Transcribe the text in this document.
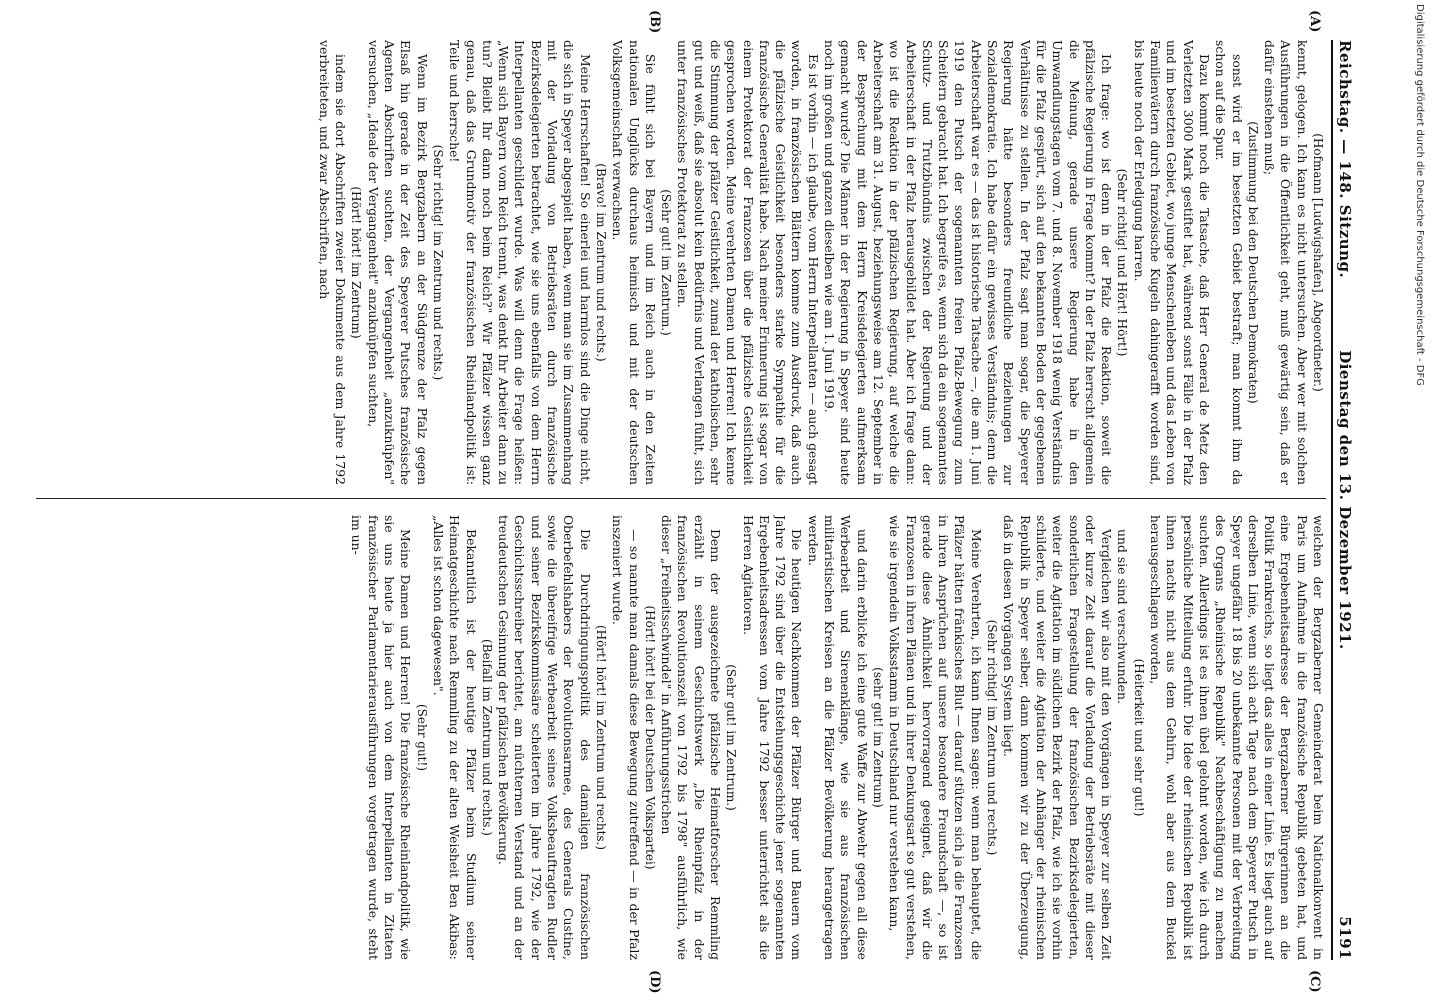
Reichstag. — 148. Sitzung.
Dienstag den 13. Dezember 1921.
5191

(Hofmann [Ludwigshafen], Abgeordneter.)

kennt, gelogen. Ich kann es nicht untersuchen. Aber wer mit solchen Ausführungen in die Öffentlichkeit geht, muß gewärtig sein, daß er dafür einstehen muß;

(Zustimmung bei den Deutschen Demokraten)

sonst wird er im besetzten Gebiet bestraft; man kommt ihm da schon auf die Spur.

Dazu kommt noch die Tatsache, daß Herr General de Metz den Verletzten 3000 Mark gestiftet hat, während sonst Fälle in der Pfalz und im besetzten Gebiet, wo junge Menschenleben und das Leben von Familienvätern durch französische Kugeln dahingerafft worden sind, bis heute noch der Erledigung harren.

(Sehr richtig! und Hört! Hört!)

Ich frage: wo ist denn in der Pfalz die Reaktion, soweit die pfälzische Regierung in Frage kommt? In der Pfalz herrscht allgemein die Meinung, gerade unsere Regierung habe in den Umwandlungstagen vom 7. und 8. November 1918 wenig Verständnis für die Pfalz gespürt, sich auf den bekannten Boden der gegebenen Verhältnisse zu stellen. In der Pfalz sagt man sogar, die Speyerer Regierung hätte besonders freundliche Beziehungen zur Sozialdemokratie. Ich habe dafür ein gewisses Verständnis; denn die Arbeiterschaft war es — das ist historische Tatsache —, die am 1. Juni 1919 den Putsch der sogenannten freien Pfalz-Bewegung zum Scheitern gebracht hat. Ich begreife es, wenn sich da ein sogenanntes Schutz- und Trutzbündnis zwischen der Regierung und der Arbeiterschaft in der Pfalz herausgebildet hat. Aber ich frage dann: wo ist die Reaktion in der pfälzischen Regierung, auf welche die Arbeiterschaft am 31. August, beziehungsweise am 12. September in der Besprechung mit dem Herrn Kreisdelegierten aufmerksam gemacht wurde? Die Männer in der Regierung in Speyer sind heute noch im großen und ganzen dieselben wie am 1. Juni 1919.

Es ist vorhin — ich glaube, vom Herrn Interpellanten — auch gesagt worden, in französischen Blättern komme zum Ausdruck, daß auch die pfälzische Geistlichkeit besonders starke Sympathie für die französische Generalität habe. Nach meiner Erinnerung ist sogar von einem Protektorat der Franzosen über die pfälzische Geistlichkeit gesprochen worden. Meine verehrten Damen und Herren! Ich kenne die Stimmung der pfälzer Geistlichkeit, zumal der katholischen, sehr gut und weiß, daß sie absolut kein Bedürfnis und Verlangen fühlt, sich unter französisches Protektorat zu stellen.

(Sehr gut! im Zentrum.)

Sie fühlt sich bei Bayern und im Reich auch in den Zeiten nationalen Unglücks durchaus heimisch und mit der deutschen Volksgemeinschaft verwachsen.

(Bravo! im Zentrum und rechts.)

Meine Herrschaften! So einerlei und harmlos sind die Dinge nicht, die sich in Speyer abgespielt haben, wenn man sie im Zusammenhang mit der Vorladung von Betriebsräten durch französische Bezirksdelegierten betrachtet, wie sie uns ebenfalls von dem Herrn Interpellanten geschildert wurde. Was will denn die Frage heißen: „Wenn sich Bayern vom Reich trennt, was denkt Ihr Arbeiter dann zu tun? Bleibt Ihr dann noch beim Reich?" Wir Pfälzer wissen ganz genau, daß das Grundmotiv der französischen Rheinlandpolitik ist: Teile und herrsche!

(Sehr richtig! im Zentrum und rechts.)

Wenn im Bezirk Bergzabern an der Südgrenze der Pfalz gegen Elsaß hin gerade in der Zeit des Speyerer Putsches französische Agenten Abschriften suchten, der Vergangenheit „anzuknüpfen" versuchen, „Ideale der Vergangenheit" anzuknüpfen suchten,

(Hört! hört! im Zentrum)

indem sie dort Abschriften zweier Dokumente aus dem Jahre 1792 verbreiteten, und zwar Abschriften, nach

welchen der Bergzaberner Gemeinderat beim Nationalkonvent in Paris um Aufnahme in die französische Republik gebeten hat, und eine Ergebenheitsadresse der Bergzaberner Bürgerinnen an die Politik Frankreichs, so liegt das alles in einer Linie. Es liegt auch auf derselben Linie, wenn sich acht Tage nach dem Speyerer Putsch in Speyer ungefähr 18 bis 20 unbekannte Personen mit der Verbreitung des Organs „Rheinische Republik" Nachbeschäftigung zu machen suchten. Allerdings ist es ihnen übel gelohnt worden, wie ich durch persönliche Mitteilung erfuhr. Die Idee der rheinischen Republik ist ihnen nachts nicht aus dem Gehirn, wohl aber aus dem Buckel herausgeschlagen worden,

(Heiterkeit und sehr gut!)

und sie sind verschwunden.

Vergleichen wir also mit den Vorgängen in Speyer zur selben Zeit oder kurze Zeit darauf die Vorladung der Betriebsräte mit dieser sonderlichen Fragestellung der französischen Bezirksdelegierten, weiter die Agitation im südlichen Bezirk der Pfalz, wie ich sie vorhin schilderte, und weiter die Agitation der Anhänger der rheinischen Republik in Speyer selber, dann kommen wir zu der Überzeugung, daß in diesen Vorgängen System liegt.

(Sehr richtig! im Zentrum und rechts.)

Meine Verehrten, ich kann Ihnen sagen: wenn man behauptet, die Pfälzer hätten fränkisches Blut — darauf stützen sich ja die Franzosen in ihren Ansprüchen auf unsere besondere Freundschaft —, so ist gerade diese Ähnlichkeit hervorragend geeignet, daß wir die Franzosen in ihren Plänen und in ihrer Denkungsart so gut verstehen, wie sie irgendein Volksstamm in Deutschland nur verstehen kann,

(sehr gut! im Zentrum)

und darin erblicke ich eine gute Waffe zur Abwehr gegen all diese Werbearbeit und Sirenenklänge, wie sie aus französischen militaristischen Kreisen an die Pfälzer Bevölkerung herangetragen werden.

Die heutigen Nachkommen der Pfälzer Bürger und Bauern vom Jahre 1792 sind über die Entstehungsgeschichte jener sogenannten Ergebenheitsadressen vom Jahre 1792 besser unterrichtet als die Herren Agitatoren.

(Sehr gut! im Zentrum.)

Denn der ausgezeichnete pfälzische Heimatforscher Remmling erzählt in seinem Geschichtswerk „Die Rheinpfalz in der französischen Revolutionszeit von 1792 bis 1798" ausführlich, wie dieser „Freiheitsschwindel" in Anführungsstrichen

(Hört! hört! bei der Deutschen Volkspartei)

— so nannte man damals diese Bewegung zutreffend — in der Pfalz inszeniert wurde.

(Hört! hört! im Zentrum und rechts.)

Die Durchdringungspolitik des damaligen französischen Oberbefehlshabers der Revolutionsarmee, des Generals Custine, sowie die übereifrige Werbearbeit seines Volksbeauftragten Rudler und seiner Bezirkskommissäre scheiterten im Jahre 1792, wie der Geschichtsschreiber berichtet, am nüchternen Verstand und an der treudeutschen Gesinnung der pfälzischen Bevölkerung.

(Beifall im Zentrum und rechts.)

Bekanntlich ist der heutige Pfälzer beim Studium seiner Heimatgeschichte nach Remmling zu der alten Weisheit Ben Akibas: „Alles ist schon dagewesen".

(Sehr gut!)

Meine Damen und Herren! Die französische Rheinlandpolitik, wie sie uns heute ja hier auch von dem Interpellanten in Zitaten französischer Parlamentarierausführungen vorgetragen wurde, steht im un-

(A)
(B)
(C)
(D)
Digitalisierung gefördert durch die Deutsche Forschungsgemeinschaft - DFG
